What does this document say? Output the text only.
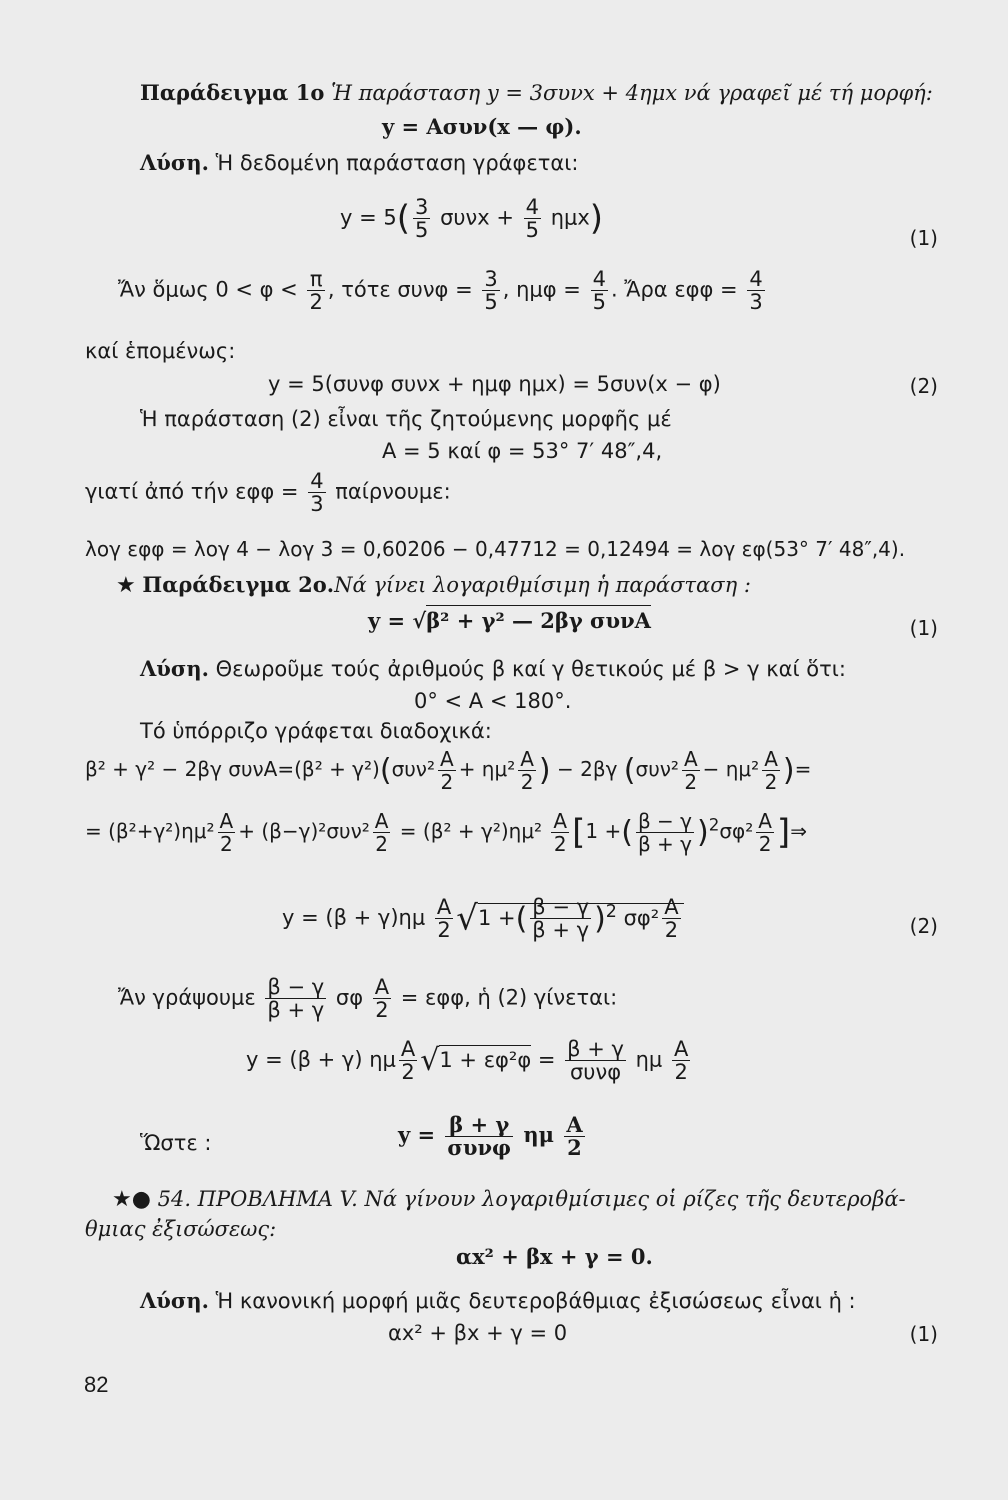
Παράδειγμα 1ο Ἡ παράσταση y = 3συνx + 4ημx νά γραφεῖ μέ τή μορφή:
y = Ασυν(x — φ).
Λύση. Ἡ δεδομένη παράσταση γράφεται:
$y = 5( \frac{3}{5}$ $\sigma\upsilon\nu x + \frac{4}{5} \eta\mu x$)	(1)
Ἄν ὅμως $0 < \varphi < \frac{\pi}{2}$ , τότε $\sigma\upsilon\nu\varphi = \frac{3}{5}$ , $\eta\mu\varphi = \frac{4}{5}$ . Ἄρα $\varepsilon\varphi\varphi = \frac{4}{3}$
καί ἑπομένως:
y = 5(συνφ συνx + ημφ ημx) = 5συν(x − φ)	(2)
Ἡ παράσταση (2) εἶναι τῆς ζητούμενης μορφῆς μέ
A = 5 καί φ = 53° 7′ 48″,4,
γιατί ἀπό τήν $\varepsilon\varphi\varphi = \frac{4}{3} \pi\alpha ί\rho\nu o\upsilon\mu\varepsilon$:
λογ εφφ = λογ 4 − λογ 3 = 0,60206 − 0,47712 = 0,12494 = λογ εφ(53° 7′ 48″,4).
★ Παράδειγμα 2ο.Νά γίνει λογαριθμίσιμη ἡ παράσταση :
y = √β² + γ² — 2βγ συνA	(1)
Λύση. Θεωροῦμε τούς ἀριθμούς β καί γ θετικούς μέ β > γ καί ὅτι:
0° < A < 180°.
Τό ὑπόρριζο γράφεται διαδοχικά:
β² + γ² − 2βγ $\sigma\upsilon\nu A=(\beta^2 + \gamma^2)(\sigma\upsilon\nu^2 \frac{A}{2} + \eta\mu^2 \frac{A}{2}$ ) − 2βγ ($\sigma\upsilon\nu^2 \frac{A}{2} - \eta\mu^2 \frac{A}{2}$ )=
= $(\beta^2+\gamma^2)\eta\mu^2 \frac{A}{2} + (\beta-\gamma)^2\sigma\upsilon\nu^2 \frac{A}{2} = (\beta^2 + \gamma^2)\eta\mu^2 \frac{A}{2} [1$ +( $\frac{\beta - \gamma}{\beta + \gamma} )^2\sigma\varphi^2 \frac{A}{2}$ ]⇒
$y = (\beta + \gamma)\eta\mu \frac{A}{2} √1$ +( $\frac{\beta - \gamma}{\beta + \gamma} )^2$ $\sigma\varphi^2 \frac{A}{2}$	(2)
Ἄν γράψουμε $\frac{\beta - \gamma}{\beta + \gamma}$ σφ $\frac{A}{2} = \varepsilon\varphi\varphi$, ἡ (2) γίνεται:
y = (β + γ) ημ $\frac{A}{2} √1 + \varepsilon\varphi^2\varphi = \beta + \gamma$
συνφ
ημ $\frac{A}{2}$
Ὥστε :	y = β + γ
συνφ
ημ $\frac{A}{2}$
★● 54. ΠΡΟΒΛΗΜΑ V. Νά γίνουν λογαριθμίσιμες οἱ ρίζες τῆς δευτεροβά-
θμιας ἐξισώσεως:
αx² + βx + γ = 0.
Λύση. Ἡ κανονική μορφή μιᾶς δευτεροβάθμιας ἐξισώσεως εἶναι ἡ :
αx² + βx + γ = 0	(1)
82
